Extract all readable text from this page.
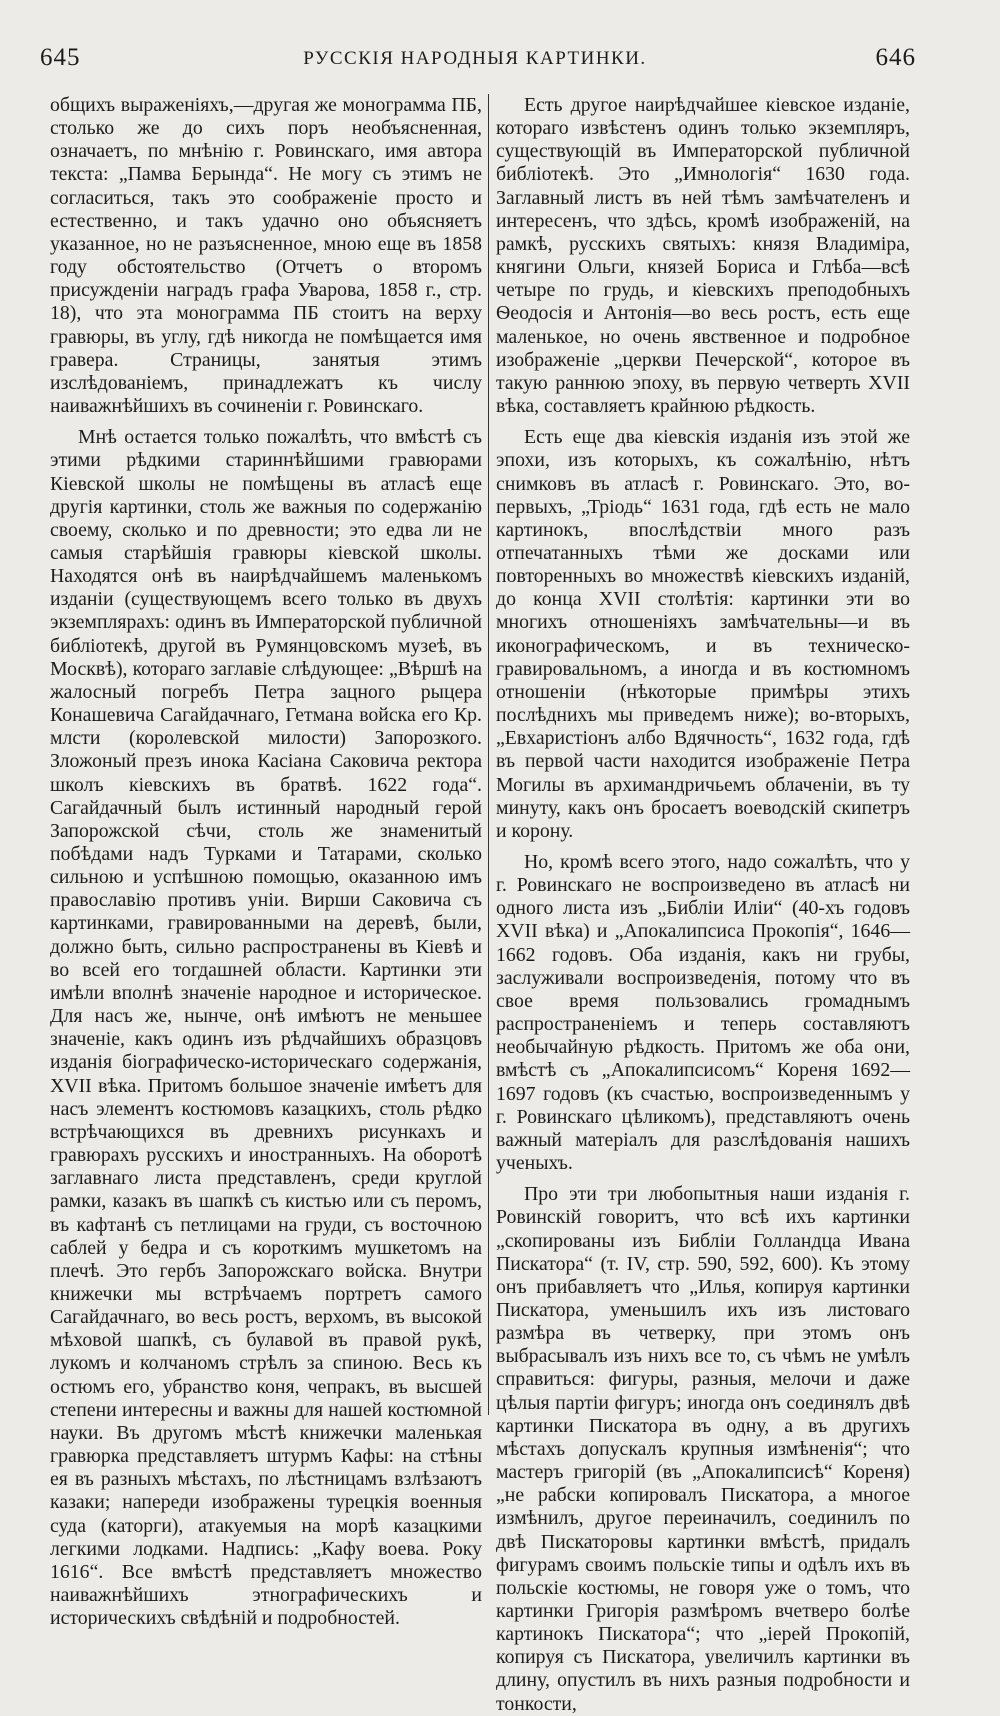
645	РУССКІЯ НАРОДНЫЯ КАРТИНКИ.	646

общихъ выраженіяхъ,—другая же монограмма ПБ, столько же до сихъ поръ необъясненная, означаетъ, по мнѣнію г. Ровинскаго, имя автора текста: „Памва Берында“. Не могу съ этимъ не согласиться, такъ это соображеніе просто и естественно, и такъ удачно оно объясняетъ указанное, но не разъясненное, мною еще въ 1858 году обстоятельство (Отчетъ о второмъ присужденіи наградъ графа Уварова, 1858 г., стр. 18), что эта монограмма ПБ стоитъ на верху гравюры, въ углу, гдѣ никогда не помѣщается имя гравера. Страницы, занятыя этимъ изслѣдованіемъ, принадлежатъ къ числу наиважнѣйшихъ въ сочиненіи г. Ровинскаго.

Мнѣ остается только пожалѣть, что вмѣстѣ съ этими рѣдкими стариннѣйшими гравюрами Кіевской школы не помѣщены въ атласѣ еще другія картинки, столь же важныя по содержанію своему, сколько и по древности; это едва ли не самыя старѣйшія гравюры кіевской школы. Находятся онѣ въ наирѣдчайшемъ маленькомъ изданіи (существующемъ всего только въ двухъ экземплярахъ: одинъ въ Императорской публичной библіотекѣ, другой въ Румянцовскомъ музеѣ, въ Москвѣ), котораго заглавіе слѣдующее: „Вѣршѣ на жалосный погребъ Петра зацного рыцера Конашевича Сагайдачнаго, Гетмана войска его Кр. млсти (королевской милости) Запорозкого. Зложоный презъ инока Касіана Саковича ректора школъ кіевскихъ въ братвѣ. 1622 года“. Сагайдачный былъ истинный народный герой Запорожской сѣчи, столь же знаменитый побѣдами надъ Турками и Татарами, сколько сильною и успѣшною помощью, оказанною имъ православію противъ уніи. Вирши Саковича съ картинками, гравированными на деревѣ, были, должно быть, сильно распространены въ Кіевѣ и во всей его тогдашней области. Картинки эти имѣли вполнѣ значеніе народное и историческое. Для насъ же, нынче, онѣ имѣютъ не меньшее значеніе, какъ одинъ изъ рѣдчайшихъ образцовъ изданія біографическо-историческаго содержанія, XVII вѣка. Притомъ большое значеніе имѣетъ для насъ элементъ костюмовъ казацкихъ, столь рѣдко встрѣчающихся въ древнихъ рисункахъ и гравюрахъ русскихъ и иностранныхъ. На оборотѣ заглавнаго листа представленъ, среди круглой рамки, казакъ въ шапкѣ съ кистью или съ перомъ, въ кафтанѣ съ петлицами на груди, съ восточною саблей у бедра и съ короткимъ мушкетомъ на плечѣ. Это гербъ Запорожскаго войска. Внутри книжечки мы встрѣчаемъ портретъ самого Сагайдачнаго, во весь ростъ, верхомъ, въ высокой мѣховой шапкѣ, съ булавой въ правой рукѣ, лукомъ и колчаномъ стрѣлъ за спиною. Весь къ остюмъ его, убранство коня, чепракъ, въ высшей степени интересны и важны для нашей костюмной науки. Въ другомъ мѣстѣ книжечки маленькая гравюрка представляетъ штурмъ Кафы: на стѣны ея въ разныхъ мѣстахъ, по лѣстницамъ взлѣзаютъ казаки; напереди изображены турецкія военныя суда (каторги), атакуемыя на морѣ казацкими легкими лодками. Надпись: „Кафу воева. Року 1616“. Все вмѣстѣ представляетъ множество наиважнѣйшихъ этнографическихъ и историческихъ свѣдѣній и подробностей.

Есть другое наирѣдчайшее кіевское изданіе, котораго извѣстенъ одинъ только экземпляръ, существующій въ Императорской публичной библіотекѣ. Это „Имнологія“ 1630 года. Заглавный листъ въ ней тѣмъ замѣчателенъ и интересенъ, что здѣсь, кромѣ изображеній, на рамкѣ, русскихъ святыхъ: князя Владиміра, княгини Ольги, князей Бориса и Глѣба—всѣ четыре по грудь, и кіевскихъ преподобныхъ Ѳеодосія и Антонія—во весь ростъ, есть еще маленькое, но очень явственное и подробное изображеніе „церкви Печерской“, которое въ такую раннюю эпоху, въ первую четверть XVII вѣка, составляетъ крайнюю рѣдкость.

Есть еще два кіевскія изданія изъ этой же эпохи, изъ которыхъ, къ сожалѣнію, нѣтъ снимковъ въ атласѣ г. Ровинскаго. Это, во-первыхъ, „Тріодь“ 1631 года, гдѣ есть не мало картинокъ, впослѣдствіи много разъ отпечатанныхъ тѣми же досками или повторенныхъ во множествѣ кіевскихъ изданій, до конца XVII столѣтія: картинки эти во многихъ отношеніяхъ замѣчательны—и въ иконографическомъ, и въ техническо-гравировальномъ, а иногда и въ костюмномъ отношеніи (нѣкоторые примѣры этихъ послѣднихъ мы приведемъ ниже); во-вторыхъ, „Евхаристіонъ албо Вдячность“, 1632 года, гдѣ въ первой части находится изображеніе Петра Могилы въ архимандричьемъ облаченіи, въ ту минуту, какъ онъ бросаетъ воеводскій скипетръ и корону.

Но, кромѣ всего этого, надо сожалѣть, что у г. Ровинскаго не воспроизведено въ атласѣ ни одного листа изъ „Библіи Иліи“ (40-хъ годовъ XVII вѣка) и „Апокалипсиса Прокопія“, 1646—1662 годовъ. Оба изданія, какъ ни грубы, заслуживали воспроизведенія, потому что въ свое время пользовались громаднымъ распространеніемъ и теперь составляютъ необычайную рѣдкость. Притомъ же оба они, вмѣстѣ съ „Апокалипсисомъ“ Кореня 1692—1697 годовъ (къ счастью, воспроизведеннымъ у г. Ровинскаго цѣликомъ), представляютъ очень важный матеріалъ для разслѣдованія нашихъ ученыхъ.

Про эти три любопытныя наши изданія г. Ровинскій говоритъ, что всѣ ихъ картинки „скопированы изъ Библіи Голландца Ивана Пискатора“ (т. IV, стр. 590, 592, 600). Къ этому онъ прибавляетъ что „Илья, копируя картинки Пискатора, уменьшилъ ихъ изъ листоваго размѣра въ четверку, при этомъ онъ выбрасывалъ изъ нихъ все то, съ чѣмъ не умѣлъ справиться: фигуры, разныя, мелочи и даже цѣлыя партіи фигуръ; иногда онъ соединялъ двѣ картинки Пискатора въ одну, а въ другихъ мѣстахъ допускалъ крупныя измѣненія“; что мастеръ григорій (въ „Апокалипсисѣ“ Кореня) „не рабски копировалъ Пискатора, а многое измѣнилъ, другое переиначилъ, соединилъ по двѣ Пискаторовы картинки вмѣстѣ, придалъ фигурамъ своимъ польскіе типы и одѣлъ ихъ въ польскіе костюмы, не говоря уже о томъ, что картинки Григорія размѣромъ вчетверо болѣе картинокъ Пискатора“; что „іерей Прокопій, копируя съ Пискатора, увеличилъ картинки въ длину, опустилъ въ нихъ разныя подробности и тонкости,
